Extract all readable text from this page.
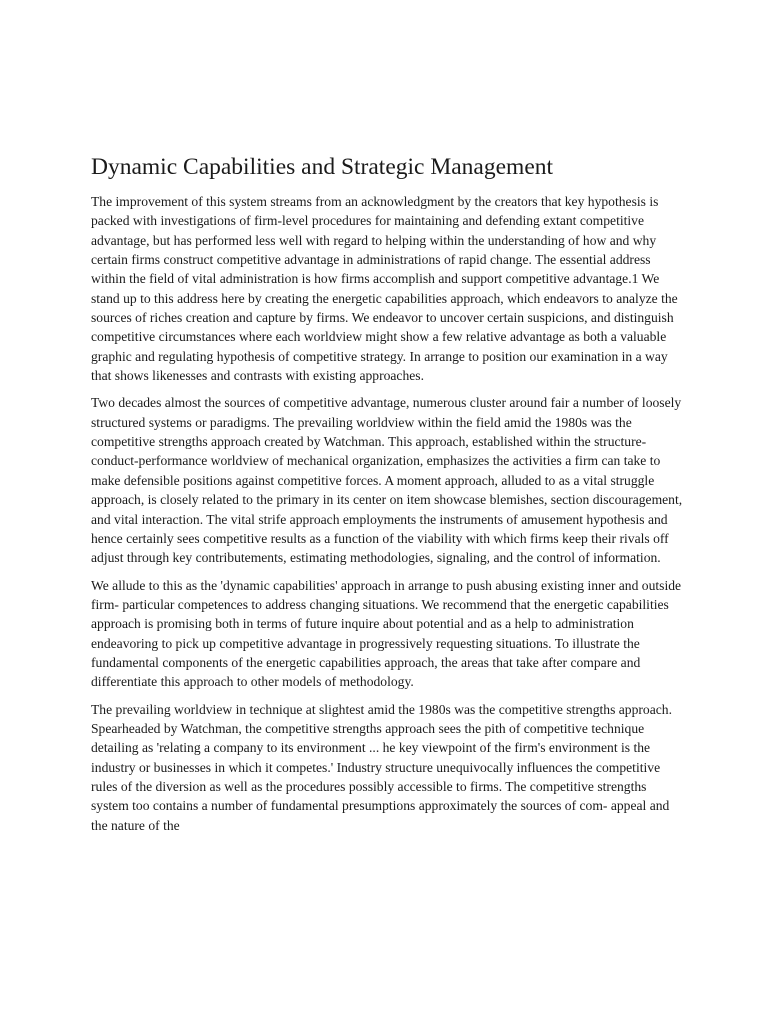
Dynamic Capabilities and Strategic Management

The improvement of this system streams from an acknowledgment by the creators that key hypothesis is packed with investigations of firm-level procedures for maintaining and defending extant competitive advantage, but has performed less well with regard to helping within the understanding of how and why certain firms construct competitive advantage in administrations of rapid change. The essential address within the field of vital administration is how firms accomplish and support competitive advantage.1 We stand up to this address here by creating the energetic capabilities approach, which endeavors to analyze the sources of riches creation and capture by firms. We endeavor to uncover certain suspicions, and distinguish competitive circumstances where each worldview might show a few relative advantage as both a valuable graphic and regulating hypothesis of competitive strategy. In arrange to position our examination in a way that shows likenesses and contrasts with existing approaches.

Two decades almost the sources of competitive advantage, numerous cluster around fair a number of loosely structured systems or paradigms. The prevailing worldview within the field amid the 1980s was the competitive strengths approach created by Watchman. This approach, established within the structure-conduct-performance worldview of mechanical organization, emphasizes the activities a firm can take to make defensible positions against competitive forces. A moment approach, alluded to as a vital struggle approach, is closely related to the primary in its center on item showcase blemishes, section discouragement, and vital interaction. The vital strife approach employments the instruments of amusement hypothesis and hence certainly sees competitive results as a function of the viability with which firms keep their rivals off adjust through key contributements, estimating methodologies, signaling, and the control of information.

We allude to this as the 'dynamic capabilities' approach in arrange to push abusing existing inner and outside firm- particular competences to address changing situations. We recommend that the energetic capabilities approach is promising both in terms of future inquire about potential and as a help to administration endeavoring to pick up competitive advantage in progressively requesting situations. To illustrate the fundamental components of the energetic capabilities approach, the areas that take after compare and differentiate this approach to other models of methodology.

The prevailing worldview in technique at slightest amid the 1980s was the competitive strengths approach. Spearheaded by Watchman, the competitive strengths approach sees the pith of competitive technique detailing as 'relating a company to its environment ... he key viewpoint of the firm's environment is the industry or businesses in which it competes.' Industry structure unequivocally influences the competitive rules of the diversion as well as the procedures possibly accessible to firms. The competitive strengths system too contains a number of fundamental presumptions approximately the sources of com- appeal and the nature of the
